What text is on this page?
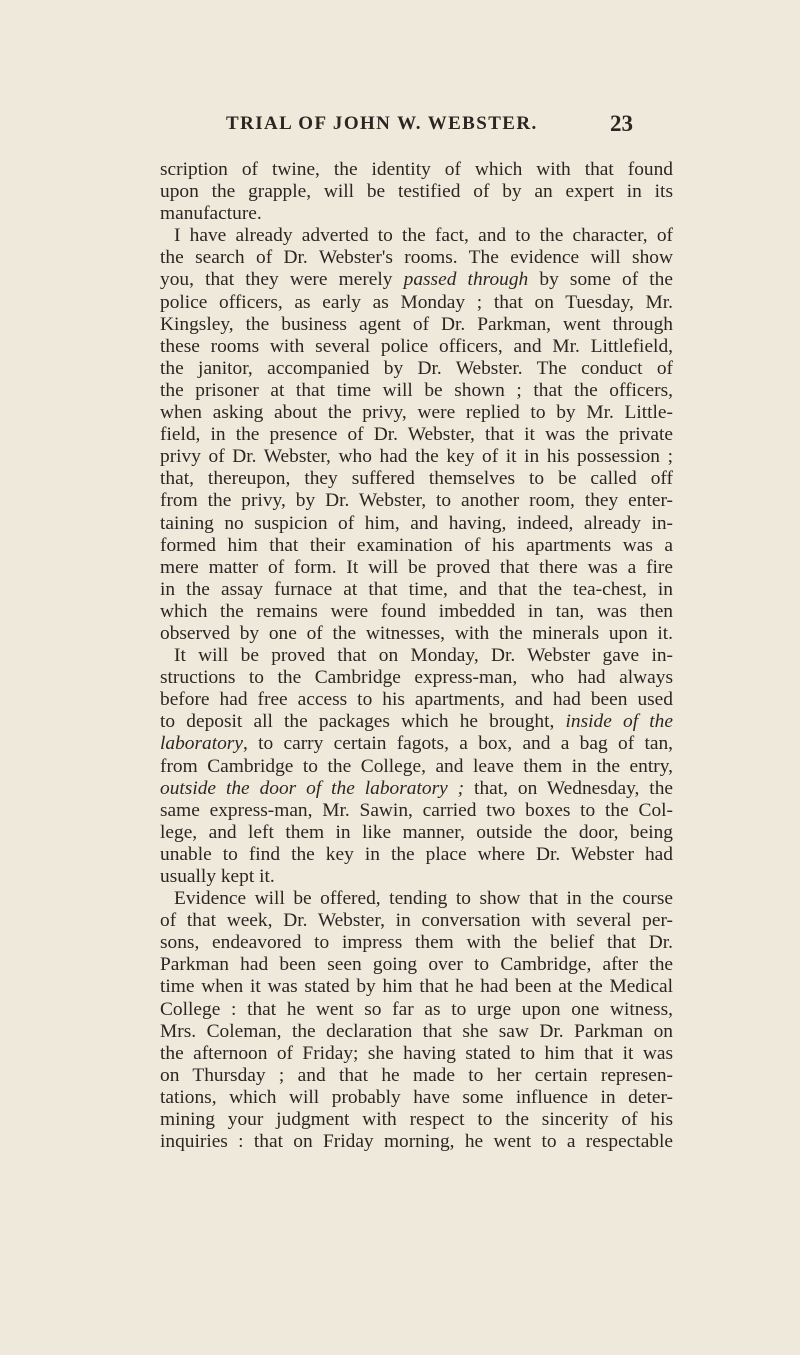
TRIAL OF JOHN W. WEBSTER.	23
scription of twine, the identity of which with that found
upon the grapple, will be testified of by an expert in its
manufacture.
I have already adverted to the fact, and to the character, of
the search of Dr. Webster's rooms. The evidence will show
you, that they were merely passed through by some of the
police officers, as early as Monday ; that on Tuesday, Mr.
Kingsley, the business agent of Dr. Parkman, went through
these rooms with several police officers, and Mr. Littlefield,
the janitor, accompanied by Dr. Webster. The conduct of
the prisoner at that time will be shown ; that the officers,
when asking about the privy, were replied to by Mr. Little-
field, in the presence of Dr. Webster, that it was the private
privy of Dr. Webster, who had the key of it in his possession ;
that, thereupon, they suffered themselves to be called off
from the privy, by Dr. Webster, to another room, they enter-
taining no suspicion of him, and having, indeed, already in-
formed him that their examination of his apartments was a
mere matter of form. It will be proved that there was a fire
in the assay furnace at that time, and that the tea-chest, in
which the remains were found imbedded in tan, was then
observed by one of the witnesses, with the minerals upon it.
It will be proved that on Monday, Dr. Webster gave in-
structions to the Cambridge express-man, who had always
before had free access to his apartments, and had been used
to deposit all the packages which he brought, inside of the
laboratory, to carry certain fagots, a box, and a bag of tan,
from Cambridge to the College, and leave them in the entry,
outside the door of the laboratory ; that, on Wednesday, the
same express-man, Mr. Sawin, carried two boxes to the Col-
lege, and left them in like manner, outside the door, being
unable to find the key in the place where Dr. Webster had
usually kept it.
Evidence will be offered, tending to show that in the course
of that week, Dr. Webster, in conversation with several per-
sons, endeavored to impress them with the belief that Dr.
Parkman had been seen going over to Cambridge, after the
time when it was stated by him that he had been at the Medical
College : that he went so far as to urge upon one witness,
Mrs. Coleman, the declaration that she saw Dr. Parkman on
the afternoon of Friday; she having stated to him that it was
on Thursday ; and that he made to her certain represen-
tations, which will probably have some influence in deter-
mining your judgment with respect to the sincerity of his
inquiries : that on Friday morning, he went to a respectable
